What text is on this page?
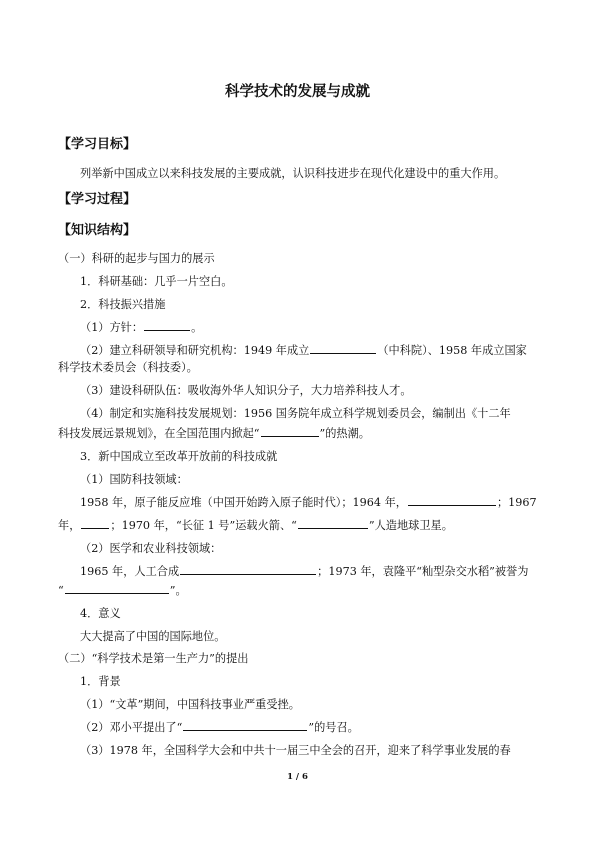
科学技术的发展与成就
【学习目标】
列举新中国成立以来科技发展的主要成就，认识科技进步在现代化建设中的重大作用。
【学习过程】
【知识结构】
（一）科研的起步与国力的展示
1．科研基础：几乎一片空白。
2．科技振兴措施
（1）方针：	。
（2）建立科研领导和研究机构：1949 年成立	（中科院）、1958 年成立国家
科学技术委员会（科技委）。
（3）建设科研队伍：吸收海外华人知识分子，大力培养科技人才。
（4）制定和实施科技发展规划：1956 国务院年成立科学规划委员会，编制出《十二年
科技发展远景规划》，在全国范围内掀起“	”的热潮。
3．新中国成立至改革开放前的科技成就
（1）国防科技领域：
1958 年，原子能反应堆（中国开始跨入原子能时代）；1964 年，	；1967
年，	；1970 年，“长征 1 号”运载火箭、“	”人造地球卫星。
（2）医学和农业科技领域：
1965 年，人工合成	；1973 年，袁隆平“籼型杂交水稻”被誉为
“	”。
4．意义
大大提高了中国的国际地位。
（二）“科学技术是第一生产力”的提出
1．背景
（1）“文革”期间，中国科技事业严重受挫。
（2）邓小平提出了“	”的号召。
（3）1978 年，全国科学大会和中共十一届三中全会的召开，迎来了科学事业发展的春
1 / 6
